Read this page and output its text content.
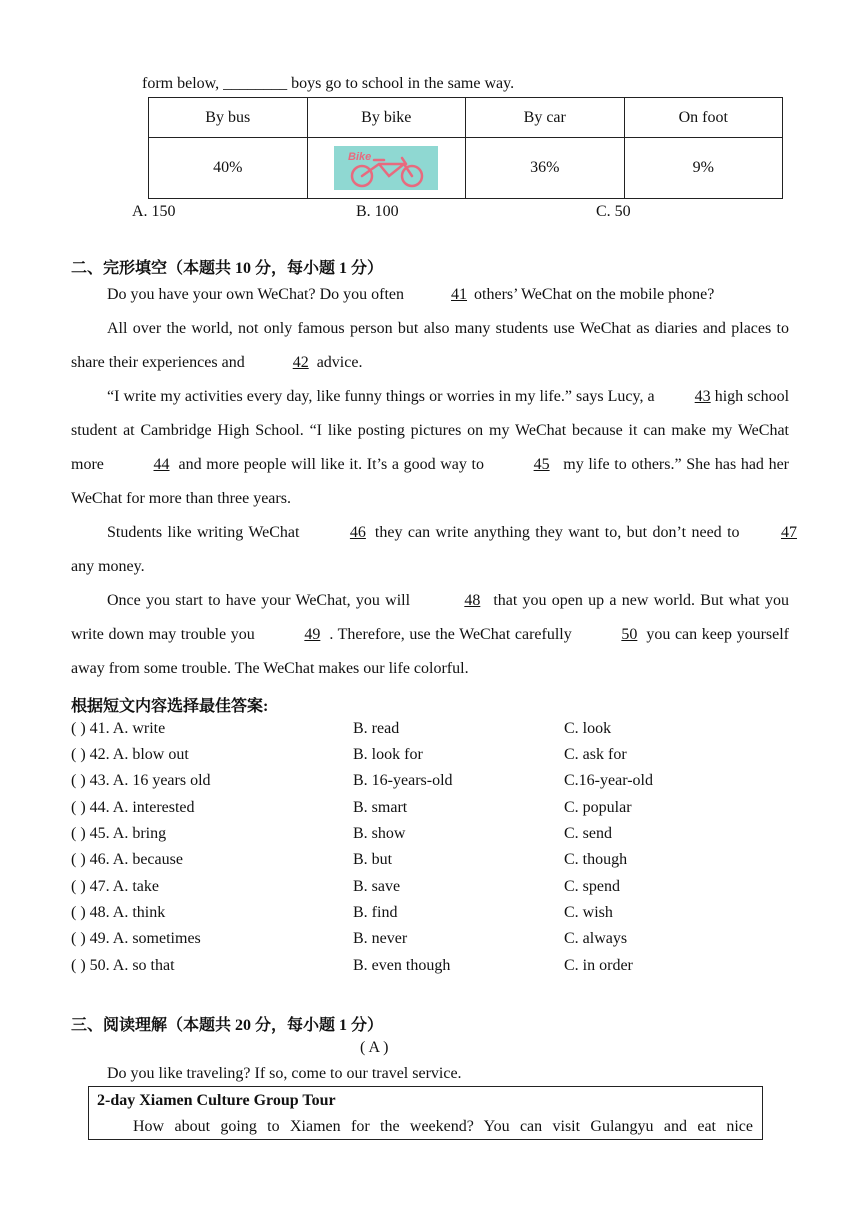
form below, ________ boys go to school in the same way.
By bus	By bike	By car	On foot
40%	Bike	36%	9%
A. 150	B. 100	C. 50
二、完形填空（本题共 10 分，每小题 1 分）
Do you have your own WeChat? Do you often	41 others’ WeChat on the mobile phone?
All over the world, not only famous person but also many students use WeChat as diaries and places to share their experiences and	42 advice.
“I write my activities every day, like funny things or worries in my life.” says Lucy, a 43 high school student at Cambridge High School. “I like posting pictures on my WeChat because it can make my WeChat more	44 and more people will like it. It’s a good way to	45 my life to others.” She has had her WeChat for more than three years.
Students like writing WeChat	46 they can write anything they want to, but don’t need to 47any money.
Once you start to have your WeChat, you will	48 that you open up a new world. But what you write down may trouble you	49 . Therefore, use the WeChat carefully	50 you can keep yourself away from some trouble. The WeChat makes our life colorful.
根据短文内容选择最佳答案:
( ) 41. A. write	B. read	C. look
( ) 42. A. blow out	B. look for	C. ask for
( ) 43. A. 16 years old	B. 16-years-old	C.16-year-old
( ) 44. A. interested	B. smart	C. popular
( ) 45. A. bring	B. show	C. send
( ) 46. A. because	B. but	C. though
( ) 47. A. take	B. save	C. spend
( ) 48. A. think	B. find	C. wish
( ) 49. A. sometimes	B. never	C. always
( ) 50. A. so that	B. even though	C. in order
三、阅读理解（本题共 20 分，每小题 1 分）
( A )
Do you like traveling? If so, come to our travel service.
2-day Xiamen Culture Group Tour
How about going to Xiamen for the weekend? You can visit Gulangyu and eat nice
